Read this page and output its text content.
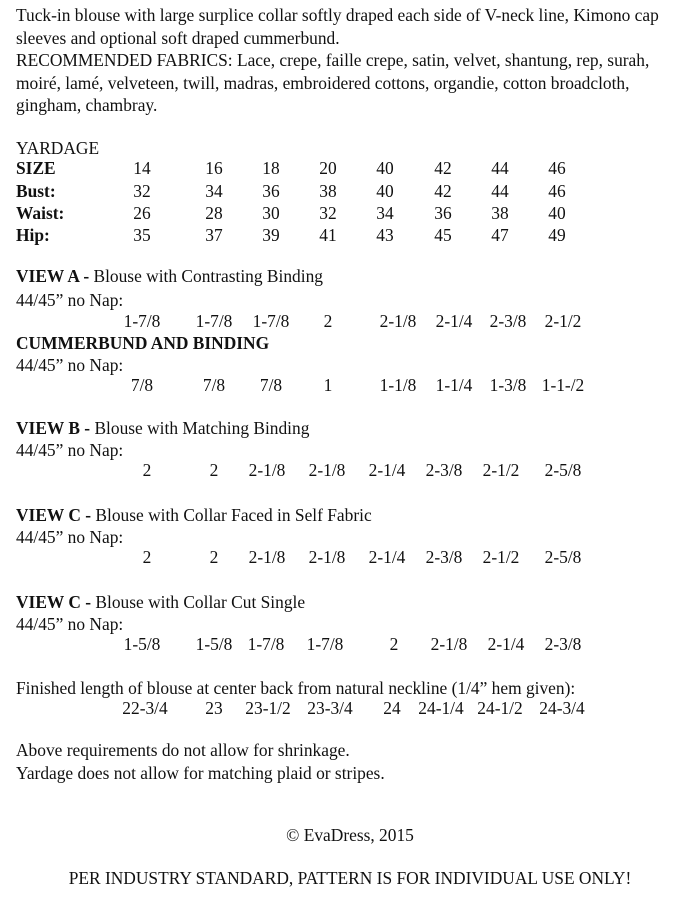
Tuck-in blouse with large surplice collar softly draped each side of V-neck line, Kimono cap sleeves and optional soft draped cummerbund.
RECOMMENDED FABRICS: Lace, crepe, faille crepe, satin, velvet, shantung, rep, surah, moiré, lamé, velveteen, twill, madras, embroidered cottons, organdie, cotton broadcloth, gingham, chambray.
YARDAGE
SIZE	14	16 18 20 40 42 44 46
Bust:	32	34 36 38 40 42 44 46
Waist:	26	28 30 32 34 36 38 40
Hip:	35	37 39 41 43 45 47 49
VIEW A - Blouse with Contrasting Binding
44/45” no Nap:
1-7/8 1-7/8 1-7/8 2	2-1/8 2-1/4 2-3/8 2-1/2
CUMMERBUND AND BINDING
44/45” no Nap:
7/8	7/8 7/8 1	1-1/8 1-1/4 1-3/8 1-1-/2
VIEW B - Blouse with Matching Binding
44/45” no Nap:
2	2 2-1/8 2-1/8 2-1/4 2-3/8 2-1/2 2-5/8
VIEW C - Blouse with Collar Faced in Self Fabric
44/45” no Nap:
2	2 2-1/8 2-1/8 2-1/4 2-3/8 2-1/2 2-5/8
VIEW C - Blouse with Collar Cut Single
44/45” no Nap:
1-5/8 1-5/8 1-7/8 1-7/8	2 2-1/8 2-1/4 2-3/8
Finished length of blouse at center back from natural neckline (1/4” hem given):
22-3/4 23 23-1/2 23-3/4 24 24-1/4 24-1/2 24-3/4
Above requirements do not allow for shrinkage.
Yardage does not allow for matching plaid or stripes.
© EvaDress, 2015
PER INDUSTRY STANDARD, PATTERN IS FOR INDIVIDUAL USE ONLY!
